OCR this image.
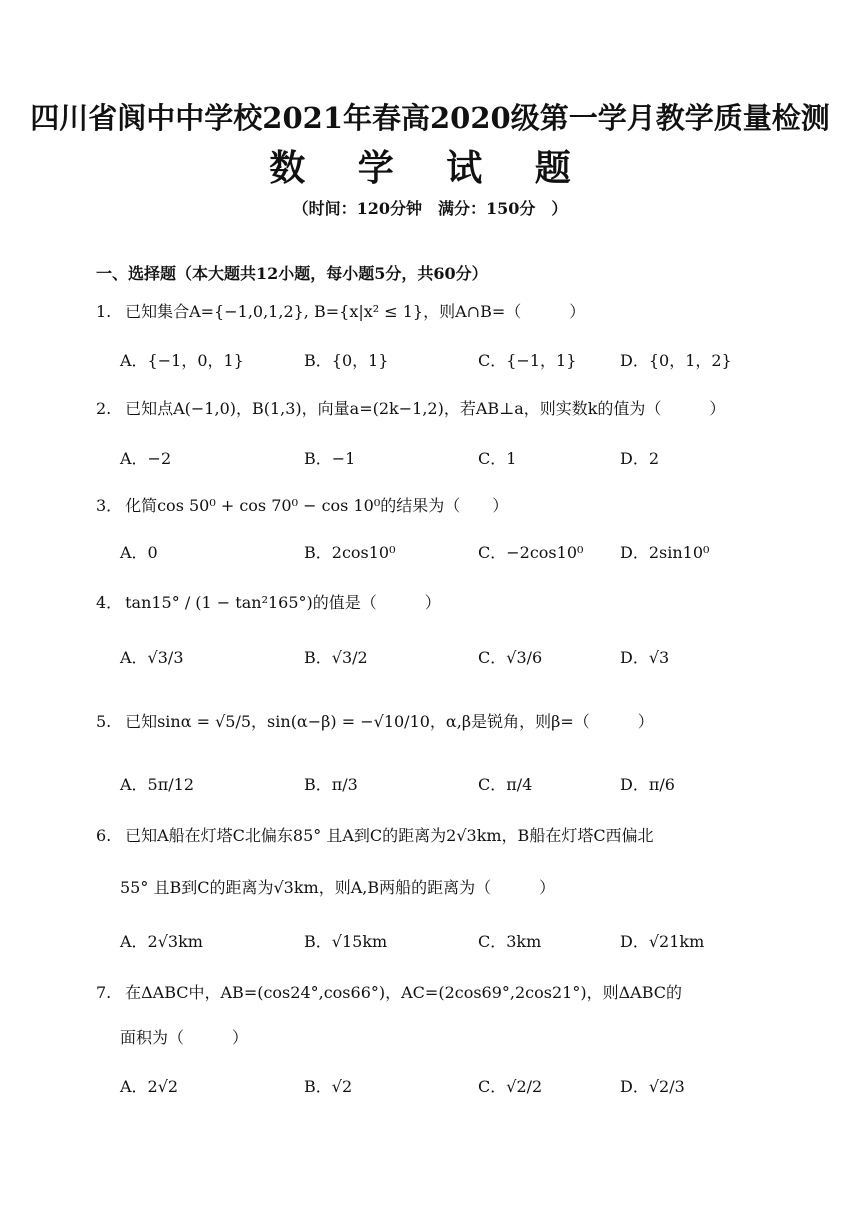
四川省阆中中学校2021年春高2020级第一学月教学质量检测
数 学 试 题
（时间：120分钟　满分：150分　）
一、选择题（本大题共12小题，每小题5分，共60分）
1. 已知集合A={−1,0,1,2}, B={x|x² ≤ 1}，则A∩B=（　　　）
A．{−1，0，1}	B．{0，1}	C．{−1，1}	D．{0，1，2}
2. 已知点A(−1,0)，B(1,3)，向量a=(2k−1,2)，若AB⊥a，则实数k的值为（　　　）
A．−2	B．−1	C．1	D．2
3． 化简cos 50⁰ + cos 70⁰ − cos 10⁰的结果为（　　）
A．0	B．2cos10⁰	C．−2cos10⁰ D．2sin10⁰
4． tan15° / (1 − tan²165°)的值是（　　　）
A．√3/3	B．√3/2	C．√3/6	D．√3
5. 已知sinα = √5/5，sin(α−β) = −√10/10，α,β是锐角，则β=（　　　）
A．5π/12	B．π/3	C．π/4	D．π/6
6. 已知A船在灯塔C北偏东85° 且A到C的距离为2√3km，B船在灯塔C西偏北
55° 且B到C的距离为√3km，则A,B两船的距离为（　　　）
A．2√3km	B．√15km	C．3km	D．√21km
7. 在ΔABC中，AB=(cos24°,cos66°)，AC=(2cos69°,2cos21°)，则ΔABC的
面积为（　　　）
A．2√2	B．√2	C．√2/2	D．√2/3
